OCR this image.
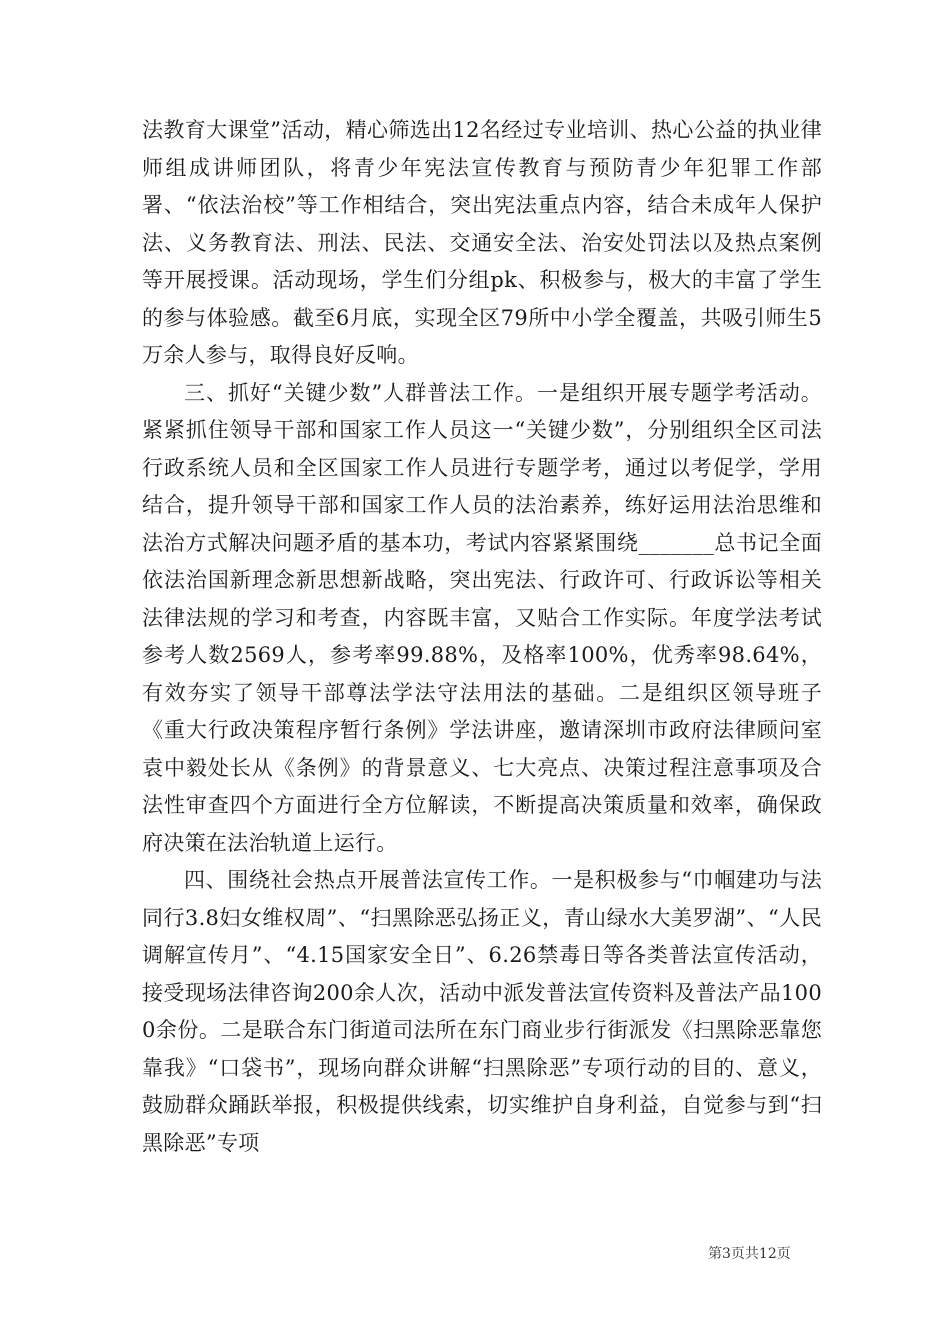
法教育大课堂”活动，精心筛选出12名经过专业培训、热心公益的执业律师组成讲师团队，将青少年宪法宣传教育与预防青少年犯罪工作部署、“依法治校”等工作相结合，突出宪法重点内容，结合未成年人保护法、义务教育法、刑法、民法、交通安全法、治安处罚法以及热点案例等开展授课。活动现场，学生们分组pk、积极参与，极大的丰富了学生的参与体验感。截至6月底，实现全区79所中小学全覆盖，共吸引师生5万余人参与，取得良好反响。

三、抓好“关键少数”人群普法工作。一是组织开展专题学考活动。紧紧抓住领导干部和国家工作人员这一“关键少数”，分别组织全区司法行政系统人员和全区国家工作人员进行专题学考，通过以考促学，学用结合，提升领导干部和国家工作人员的法治素养，练好运用法治思维和法治方式解决问题矛盾的基本功，考试内容紧紧围绕_______总书记全面依法治国新理念新思想新战略，突出宪法、行政许可、行政诉讼等相关法律法规的学习和考查，内容既丰富，又贴合工作实际。年度学法考试参考人数2569人，参考率99.88%，及格率100%，优秀率98.64%，有效夯实了领导干部尊法学法守法用法的基础。二是组织区领导班子《重大行政决策程序暂行条例》学法讲座，邀请深圳市政府法律顾问室袁中毅处长从《条例》的背景意义、七大亮点、决策过程注意事项及合法性审查四个方面进行全方位解读，不断提高决策质量和效率，确保政府决策在法治轨道上运行。

四、围绕社会热点开展普法宣传工作。一是积极参与“巾帼建功与法同行3.8妇女维权周”、“扫黑除恶弘扬正义，青山绿水大美罗湖”、“人民调解宣传月”、“4.15国家安全日”、6.26禁毒日等各类普法宣传活动，接受现场法律咨询200余人次，活动中派发普法宣传资料及普法产品1000余份。二是联合东门街道司法所在东门商业步行街派发《扫黑除恶靠您靠我》“口袋书”，现场向群众讲解“扫黑除恶”专项行动的目的、意义，鼓励群众踊跃举报，积极提供线索，切实维护自身利益，自觉参与到“扫黑除恶”专项

第3页共12页
